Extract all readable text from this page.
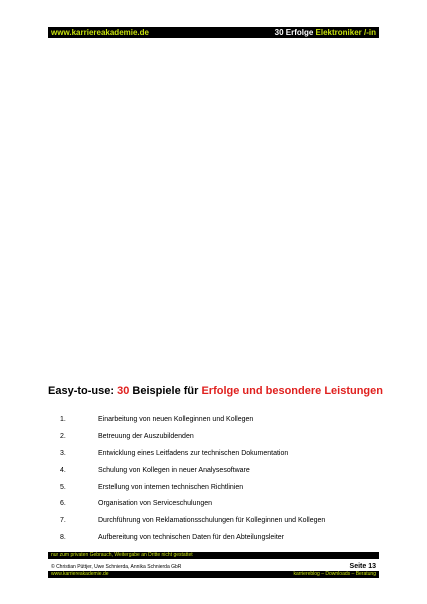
www.karriereakademie.de	30 Erfolge Elektroniker /-in
Easy-to-use: 30 Beispiele für Erfolge und besondere Leistungen
1.	Einarbeitung von neuen Kolleginnen und Kollegen
2.	Betreuung der Auszubildenden
3.	Entwicklung eines Leitfadens zur technischen Dokumentation
4.	Schulung von Kollegen in neuer Analysesoftware
5.	Erstellung von internen technischen Richtlinien
6.	Organisation von Serviceschulungen
7.	Durchführung von Reklamationsschulungen für Kolleginnen und Kollegen
8.	Aufbereitung von technischen Daten für den Abteilungsleiter
nur zum privaten Gebrauch, Weitergabe an Dritte nicht gestattet
© Christian Püttjer, Uwe Schnierda, Annika Schnierda GbR	Seite 13
www.karriereakademie.de	karriereblog – Downloads – Beratung
